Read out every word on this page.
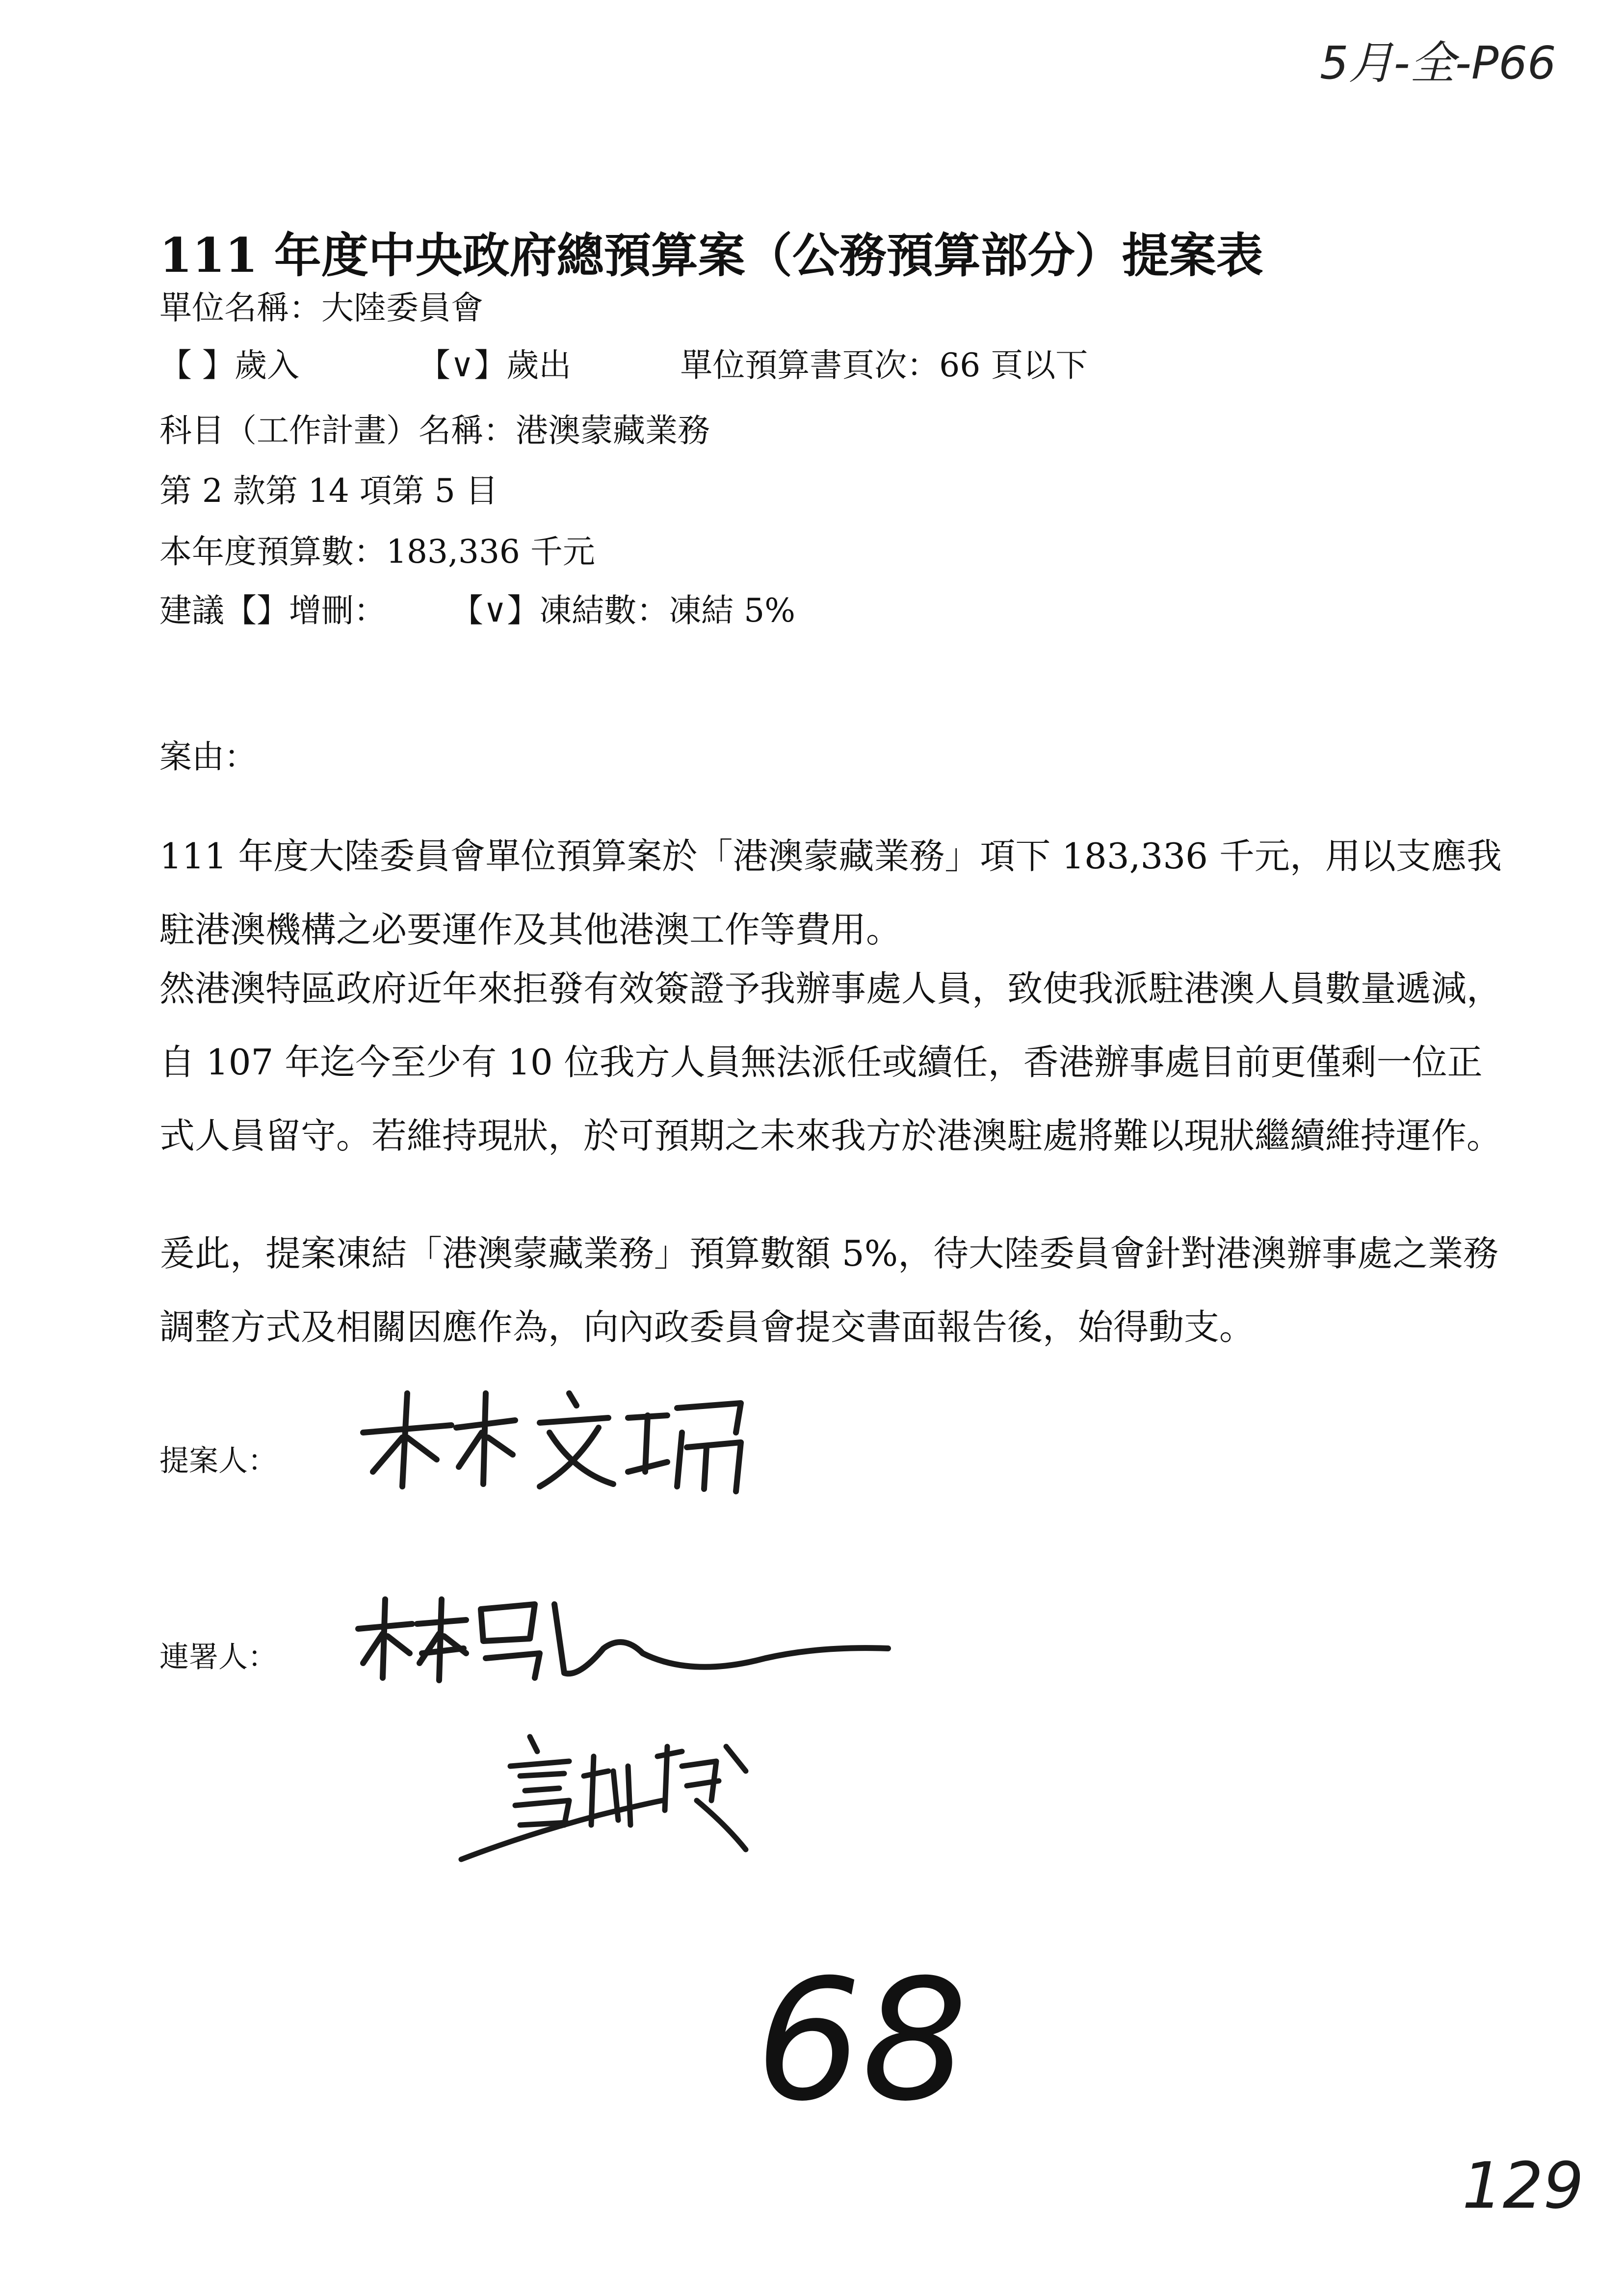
5月-全-P66
111 年度中央政府總預算案（公務預算部分）提案表
單位名稱：大陸委員會
【 】歲入	【∨】歲出	單位預算書頁次：66 頁以下
科目（工作計畫）名稱：港澳蒙藏業務
第 2 款第 14 項第 5 目
本年度預算數：183,336 千元
建議【】增刪： 【∨】凍結數：凍結 5%
案由：
111 年度大陸委員會單位預算案於「港澳蒙藏業務」項下 183,336 千元，用以支應我駐港澳機構之必要運作及其他港澳工作等費用。
然港澳特區政府近年來拒發有效簽證予我辦事處人員，致使我派駐港澳人員數量遞減，自 107 年迄今至少有 10 位我方人員無法派任或續任，香港辦事處目前更僅剩一位正式人員留守。若維持現狀，於可預期之未來我方於港澳駐處將難以現狀繼續維持運作。
爰此，提案凍結「港澳蒙藏業務」預算數額 5%，待大陸委員會針對港澳辦事處之業務調整方式及相關因應作為，向內政委員會提交書面報告後，始得動支。
提案人：
連署人：
68
129
